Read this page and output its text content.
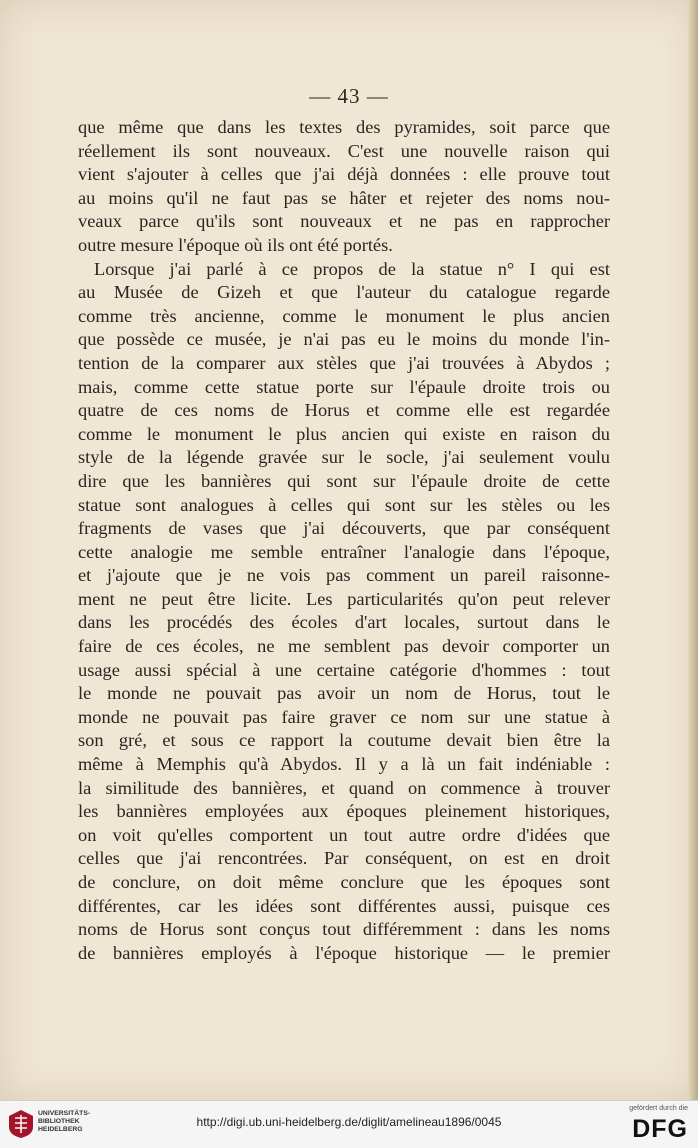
— 43 —
que même que dans les textes des pyramides, soit parce que
réellement ils sont nouveaux. C'est une nouvelle raison qui
vient s'ajouter à celles que j'ai déjà données : elle prouve tout
au moins qu'il ne faut pas se hâter et rejeter des noms nou-
veaux parce qu'ils sont nouveaux et ne pas en rapprocher
outre mesure l'époque où ils ont été portés.
Lorsque j'ai parlé à ce propos de la statue n° I qui est
au Musée de Gizeh et que l'auteur du catalogue regarde
comme très ancienne, comme le monument le plus ancien
que possède ce musée, je n'ai pas eu le moins du monde l'in-
tention de la comparer aux stèles que j'ai trouvées à Abydos ;
mais, comme cette statue porte sur l'épaule droite trois ou
quatre de ces noms de Horus et comme elle est regardée
comme le monument le plus ancien qui existe en raison du
style de la légende gravée sur le socle, j'ai seulement voulu
dire que les bannières qui sont sur l'épaule droite de cette
statue sont analogues à celles qui sont sur les stèles ou les
fragments de vases que j'ai découverts, que par conséquent
cette analogie me semble entraîner l'analogie dans l'époque,
et j'ajoute que je ne vois pas comment un pareil raisonne-
ment ne peut être licite. Les particularités qu'on peut relever
dans les procédés des écoles d'art locales, surtout dans le
faire de ces écoles, ne me semblent pas devoir comporter un
usage aussi spécial à une certaine catégorie d'hommes : tout
le monde ne pouvait pas avoir un nom de Horus, tout le
monde ne pouvait pas faire graver ce nom sur une statue à
son gré, et sous ce rapport la coutume devait bien être la
même à Memphis qu'à Abydos. Il y a là un fait indéniable :
la similitude des bannières, et quand on commence à trouver
les bannières employées aux époques pleinement historiques,
on voit qu'elles comportent un tout autre ordre d'idées que
celles que j'ai rencontrées. Par conséquent, on est en droit
de conclure, on doit même conclure que les époques sont
différentes, car les idées sont différentes aussi, puisque ces
noms de Horus sont conçus tout différemment : dans les noms
de bannières employés à l'époque historique — le premier
UNIVERSITÄTS-
BIBLIOTHEK
HEIDELBERG
http://digi.ub.uni-heidelberg.de/diglit/amelineau1896/0045
gefördert durch die
DFG
